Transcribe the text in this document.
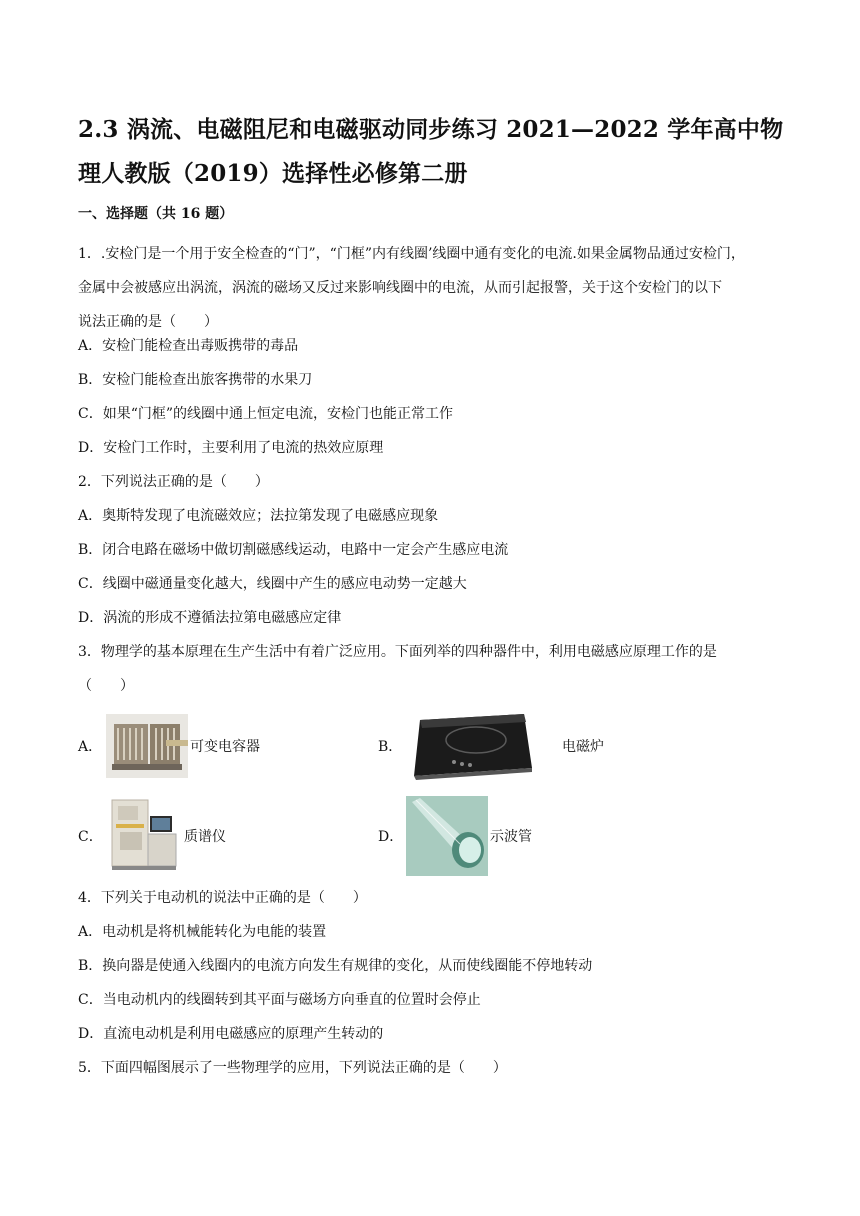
2.3 涡流、电磁阻尼和电磁驱动同步练习 2021—2022 学年高中物理人教版（2019）选择性必修第二册
一、选择题（共 16 题）
1．.安检门是一个用于安全检查的“门”，“门框”内有线圈’线圈中通有变化的电流.如果金属物品通过安检门，
金属中会被感应出涡流，涡流的磁场又反过来影响线圈中的电流，从而引起报警，关于这个安检门的以下
说法正确的是（　　）
A．安检门能检查出毒贩携带的毒品
B．安检门能检查出旅客携带的水果刀
C．如果“门框”的线圈中通上恒定电流，安检门也能正常工作
D．安检门工作时，主要利用了电流的热效应原理
2．下列说法正确的是（　　）
A．奥斯特发现了电流磁效应；法拉第发现了电磁感应现象
B．闭合电路在磁场中做切割磁感线运动，电路中一定会产生感应电流
C．线圈中磁通量变化越大，线圈中产生的感应电动势一定越大
D．涡流的形成不遵循法拉第电磁感应定律
3．物理学的基本原理在生产生活中有着广泛应用。下面列举的四种器件中，利用电磁感应原理工作的是
（　　）
A．	可变电容器	B．	电磁炉
C．	质谱仪	D．	示波管
4．下列关于电动机的说法中正确的是（　　）
A．电动机是将机械能转化为电能的装置
B．换向器是使通入线圈内的电流方向发生有规律的变化，从而使线圈能不停地转动
C．当电动机内的线圈转到其平面与磁场方向垂直的位置时会停止
D．直流电动机是利用电磁感应的原理产生转动的
5．下面四幅图展示了一些物理学的应用，下列说法正确的是（　　）
